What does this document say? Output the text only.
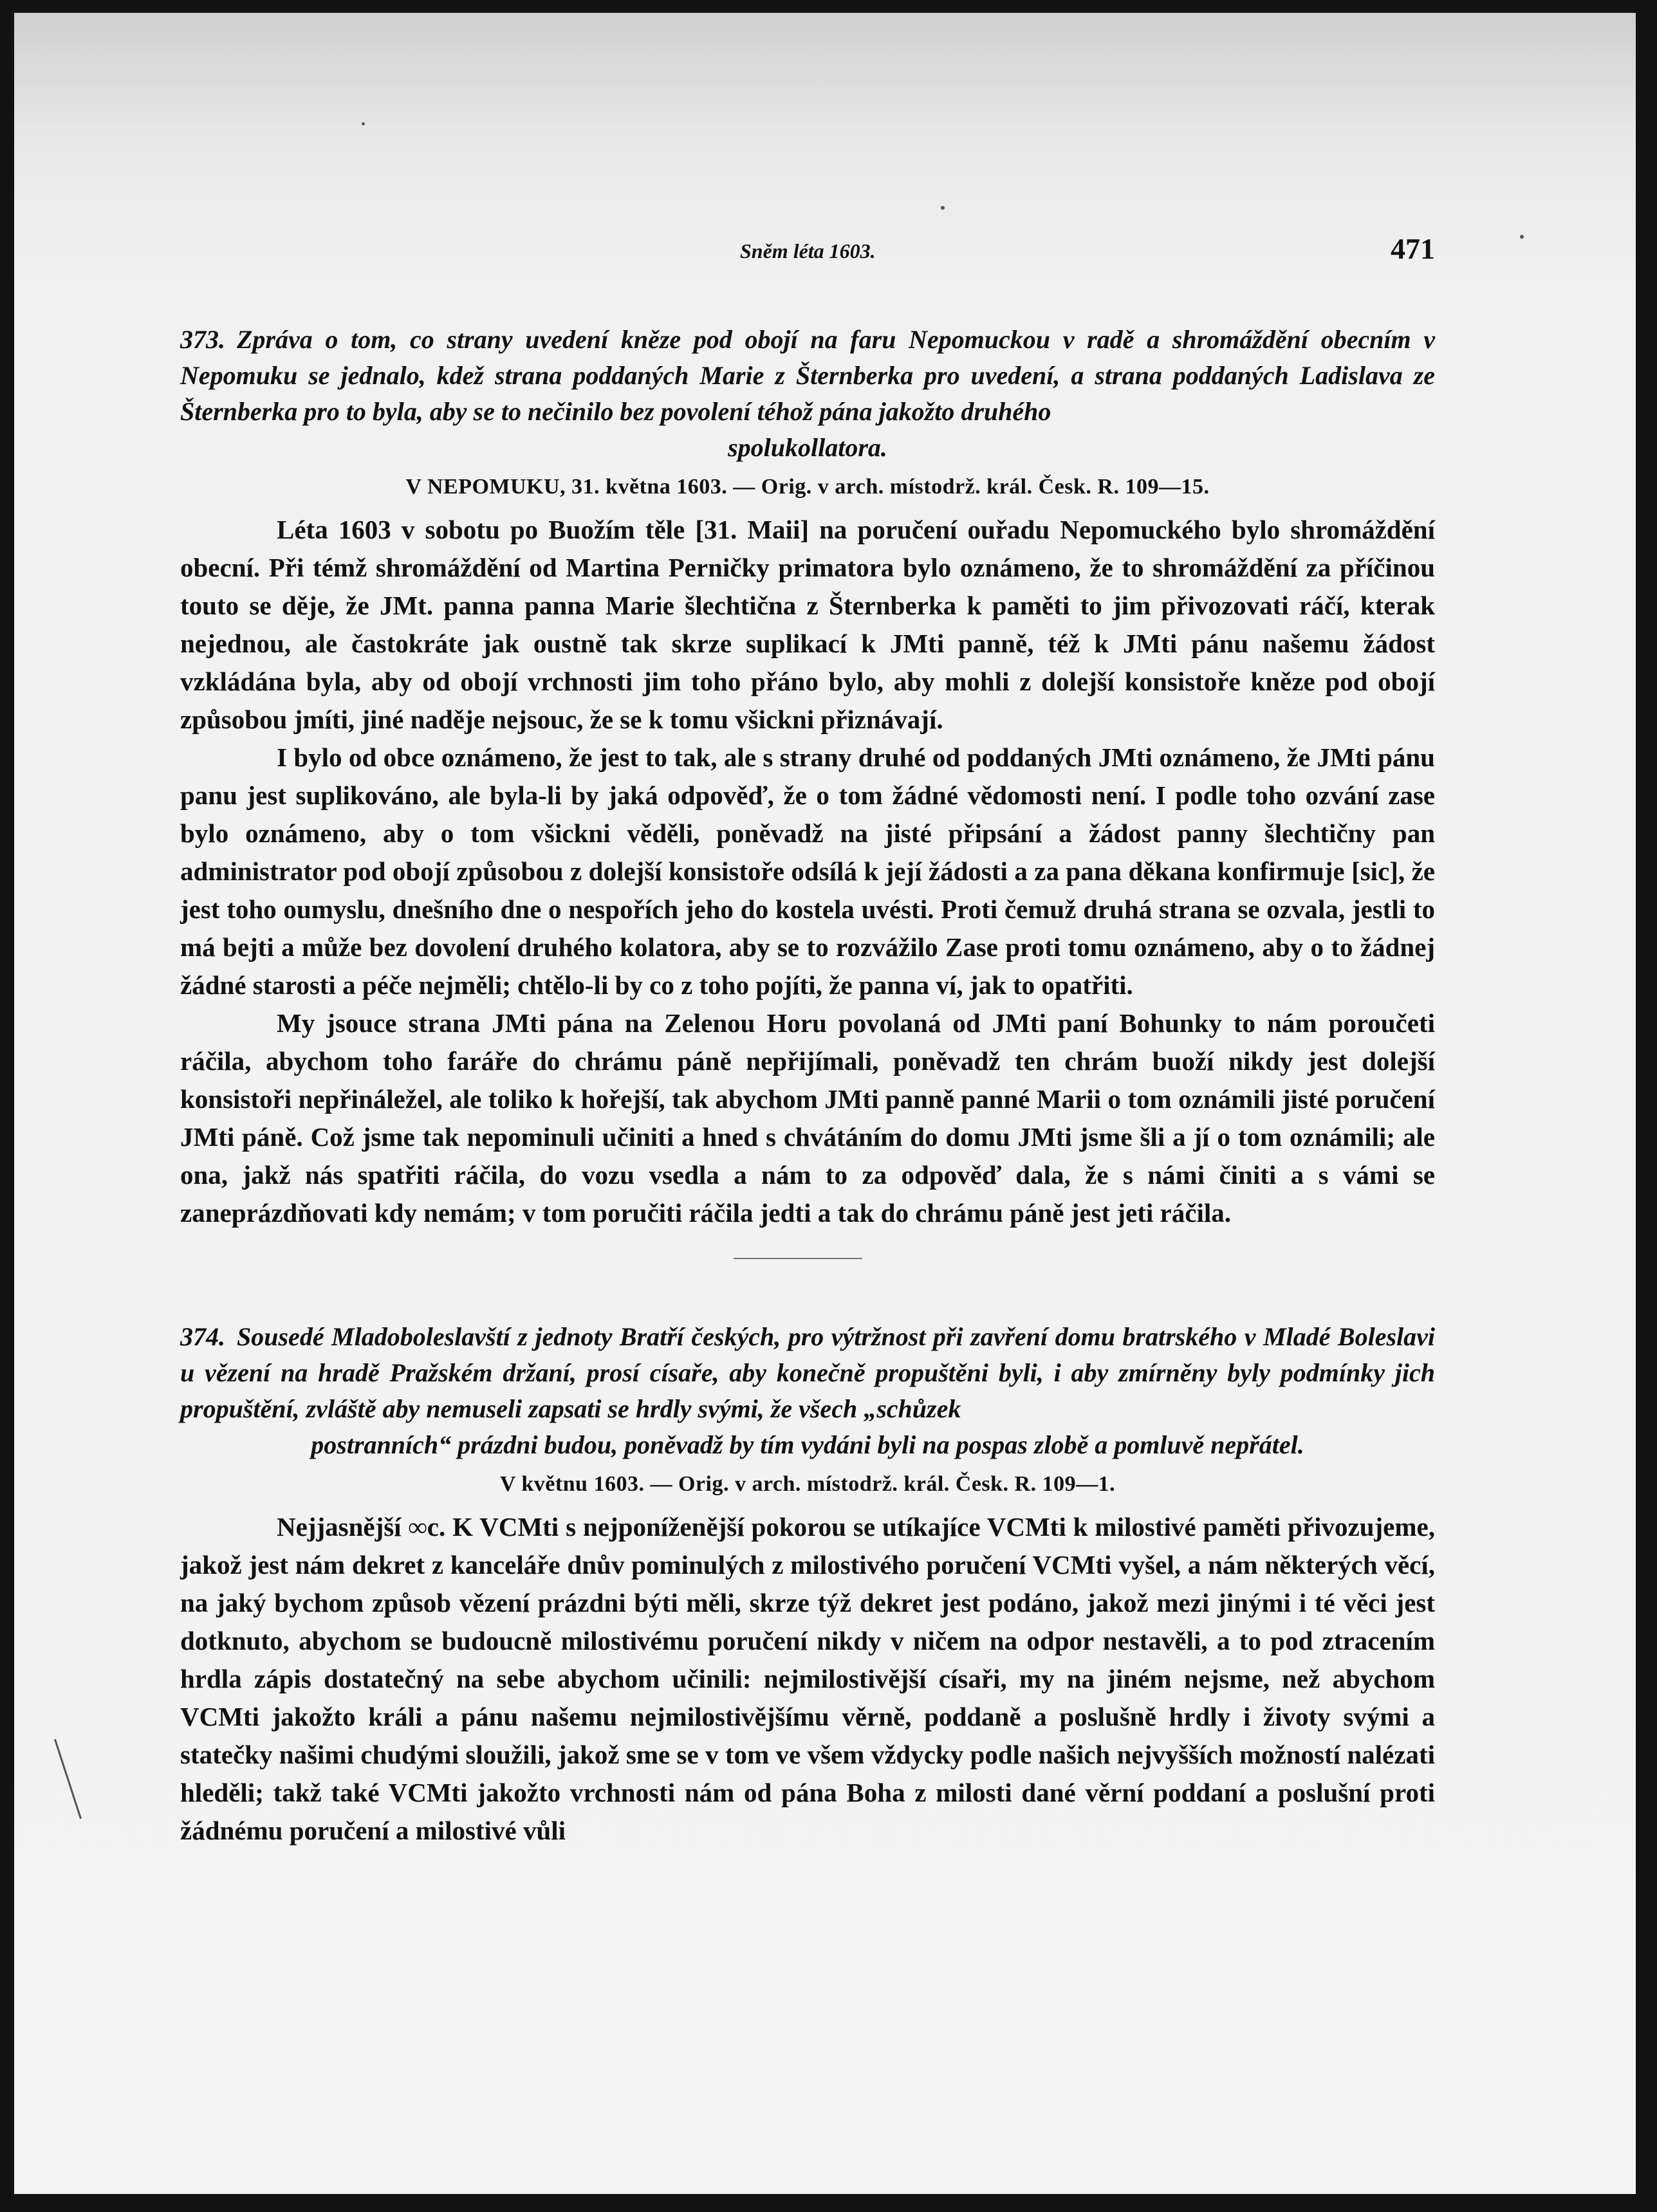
Sněm léta 1603.	471

373. Zpráva o tom, co strany uvedení kněze pod obojí na faru Nepomuckou v radě a shromáždění obecním v Nepomuku se jednalo, kdež strana poddaných Marie z Šternberka pro uvedení, a strana poddaných Ladislava ze Šternberka pro to byla, aby se to nečinilo bez povolení téhož pána jakožto druhého
spolukollatora.

V NEPOMUKU, 31. května 1603. — Orig. v arch. místodrž. král. Česk. R. 109—15.

Léta 1603 v sobotu po Buožím těle [31. Maii] na poručení ouřadu Nepomuckého bylo shromáždění obecní. Při témž shromáždění od Martina Perničky primatora bylo oznámeno, že to shromáždění za příčinou touto se děje, že JMt. panna panna Marie šlechtična z Šternberka k paměti to jim přivozovati ráčí, kterak nejednou, ale častokráte jak oustně tak skrze suplikací k JMti panně, též k JMti pánu našemu žádost vzkládána byla, aby od obojí vrchnosti jim toho přáno bylo, aby mohli z dolejší konsistoře kněze pod obojí způsobou jmíti, jiné naděje nejsouc, že se k tomu všickni přiznávají.

I bylo od obce oznámeno, že jest to tak, ale s strany druhé od poddaných JMti oznámeno, že JMti pánu panu jest suplikováno, ale byla-li by jaká odpověď, že o tom žádné vědomosti není. I podle toho ozvání zase bylo oznámeno, aby o tom všickni věděli, poněvadž na jisté připsání a žádost panny šlechtičny pan administrator pod obojí způsobou z dolejší konsistoře odsílá k její žádosti a za pana děkana konfirmuje [sic], že jest toho oumyslu, dnešního dne o nespořích jeho do kostela uvésti. Proti čemuž druhá strana se ozvala, jestli to má bejti a může bez dovolení druhého kolatora, aby se to rozvážilo Zase proti tomu oznámeno, aby o to žádnej žádné starosti a péče nejměli; chtělo-li by co z toho pojíti, že panna ví, jak to opatřiti.

My jsouce strana JMti pána na Zelenou Horu povolaná od JMti paní Bohunky to nám poroučeti ráčila, abychom toho faráře do chrámu páně nepřijímali, poněvadž ten chrám buoží nikdy jest dolejší konsistoři nepřináležel, ale toliko k hořejší, tak abychom JMti panně panné Marii o tom oznámili jisté poručení JMti páně. Což jsme tak nepominuli učiniti a hned s chvátáním do domu JMti jsme šli a jí o tom oznámili; ale ona, jakž nás spatřiti ráčila, do vozu vsedla a nám to za odpověď dala, že s námi činiti a s vámi se zaneprázdňovati kdy nemám; v tom poručiti ráčila jedti a tak do chrámu páně jest jeti ráčila.

374. Sousedé Mladoboleslavští z jednoty Bratří českých, pro výtržnost při zavření domu bratrského v Mladé Boleslavi u vězení na hradě Pražském držaní, prosí císaře, aby konečně propuštěni byli, i aby zmírněny byly podmínky jich propuštění, zvláště aby nemuseli zapsati se hrdly svými, že všech „schůzek
postranních“ prázdni budou, poněvadž by tím vydáni byli na pospas zlobě a pomluvě nepřátel.

V květnu 1603. — Orig. v arch. místodrž. král. Česk. R. 109—1.

Nejjasnější ∞c. K VCMti s nejponíženější pokorou se utíkajíce VCMti k milostivé paměti přivozujeme, jakož jest nám dekret z kanceláře dnův pominulých z milostivého poručení VCMti vyšel, a nám některých věcí, na jaký bychom způsob vězení prázdni býti měli, skrze týž dekret jest podáno, jakož mezi jinými i té věci jest dotknuto, abychom se budoucně milostivému poručení nikdy v ničem na odpor nestavěli, a to pod ztracením hrdla zápis dostatečný na sebe abychom učinili: nejmilostivější císaři, my na jiném nejsme, než abychom VCMti jakožto králi a pánu našemu nejmilostivějšímu věrně, poddaně a poslušně hrdly i životy svými a statečky našimi chudými sloužili, jakož sme se v tom ve všem vždycky podle našich nejvyšších možností nalézati hleděli; takž také VCMti jakožto vrchnosti nám od pána Boha z milosti dané věrní poddaní a poslušní proti žádnému poručení a milostivé vůli
